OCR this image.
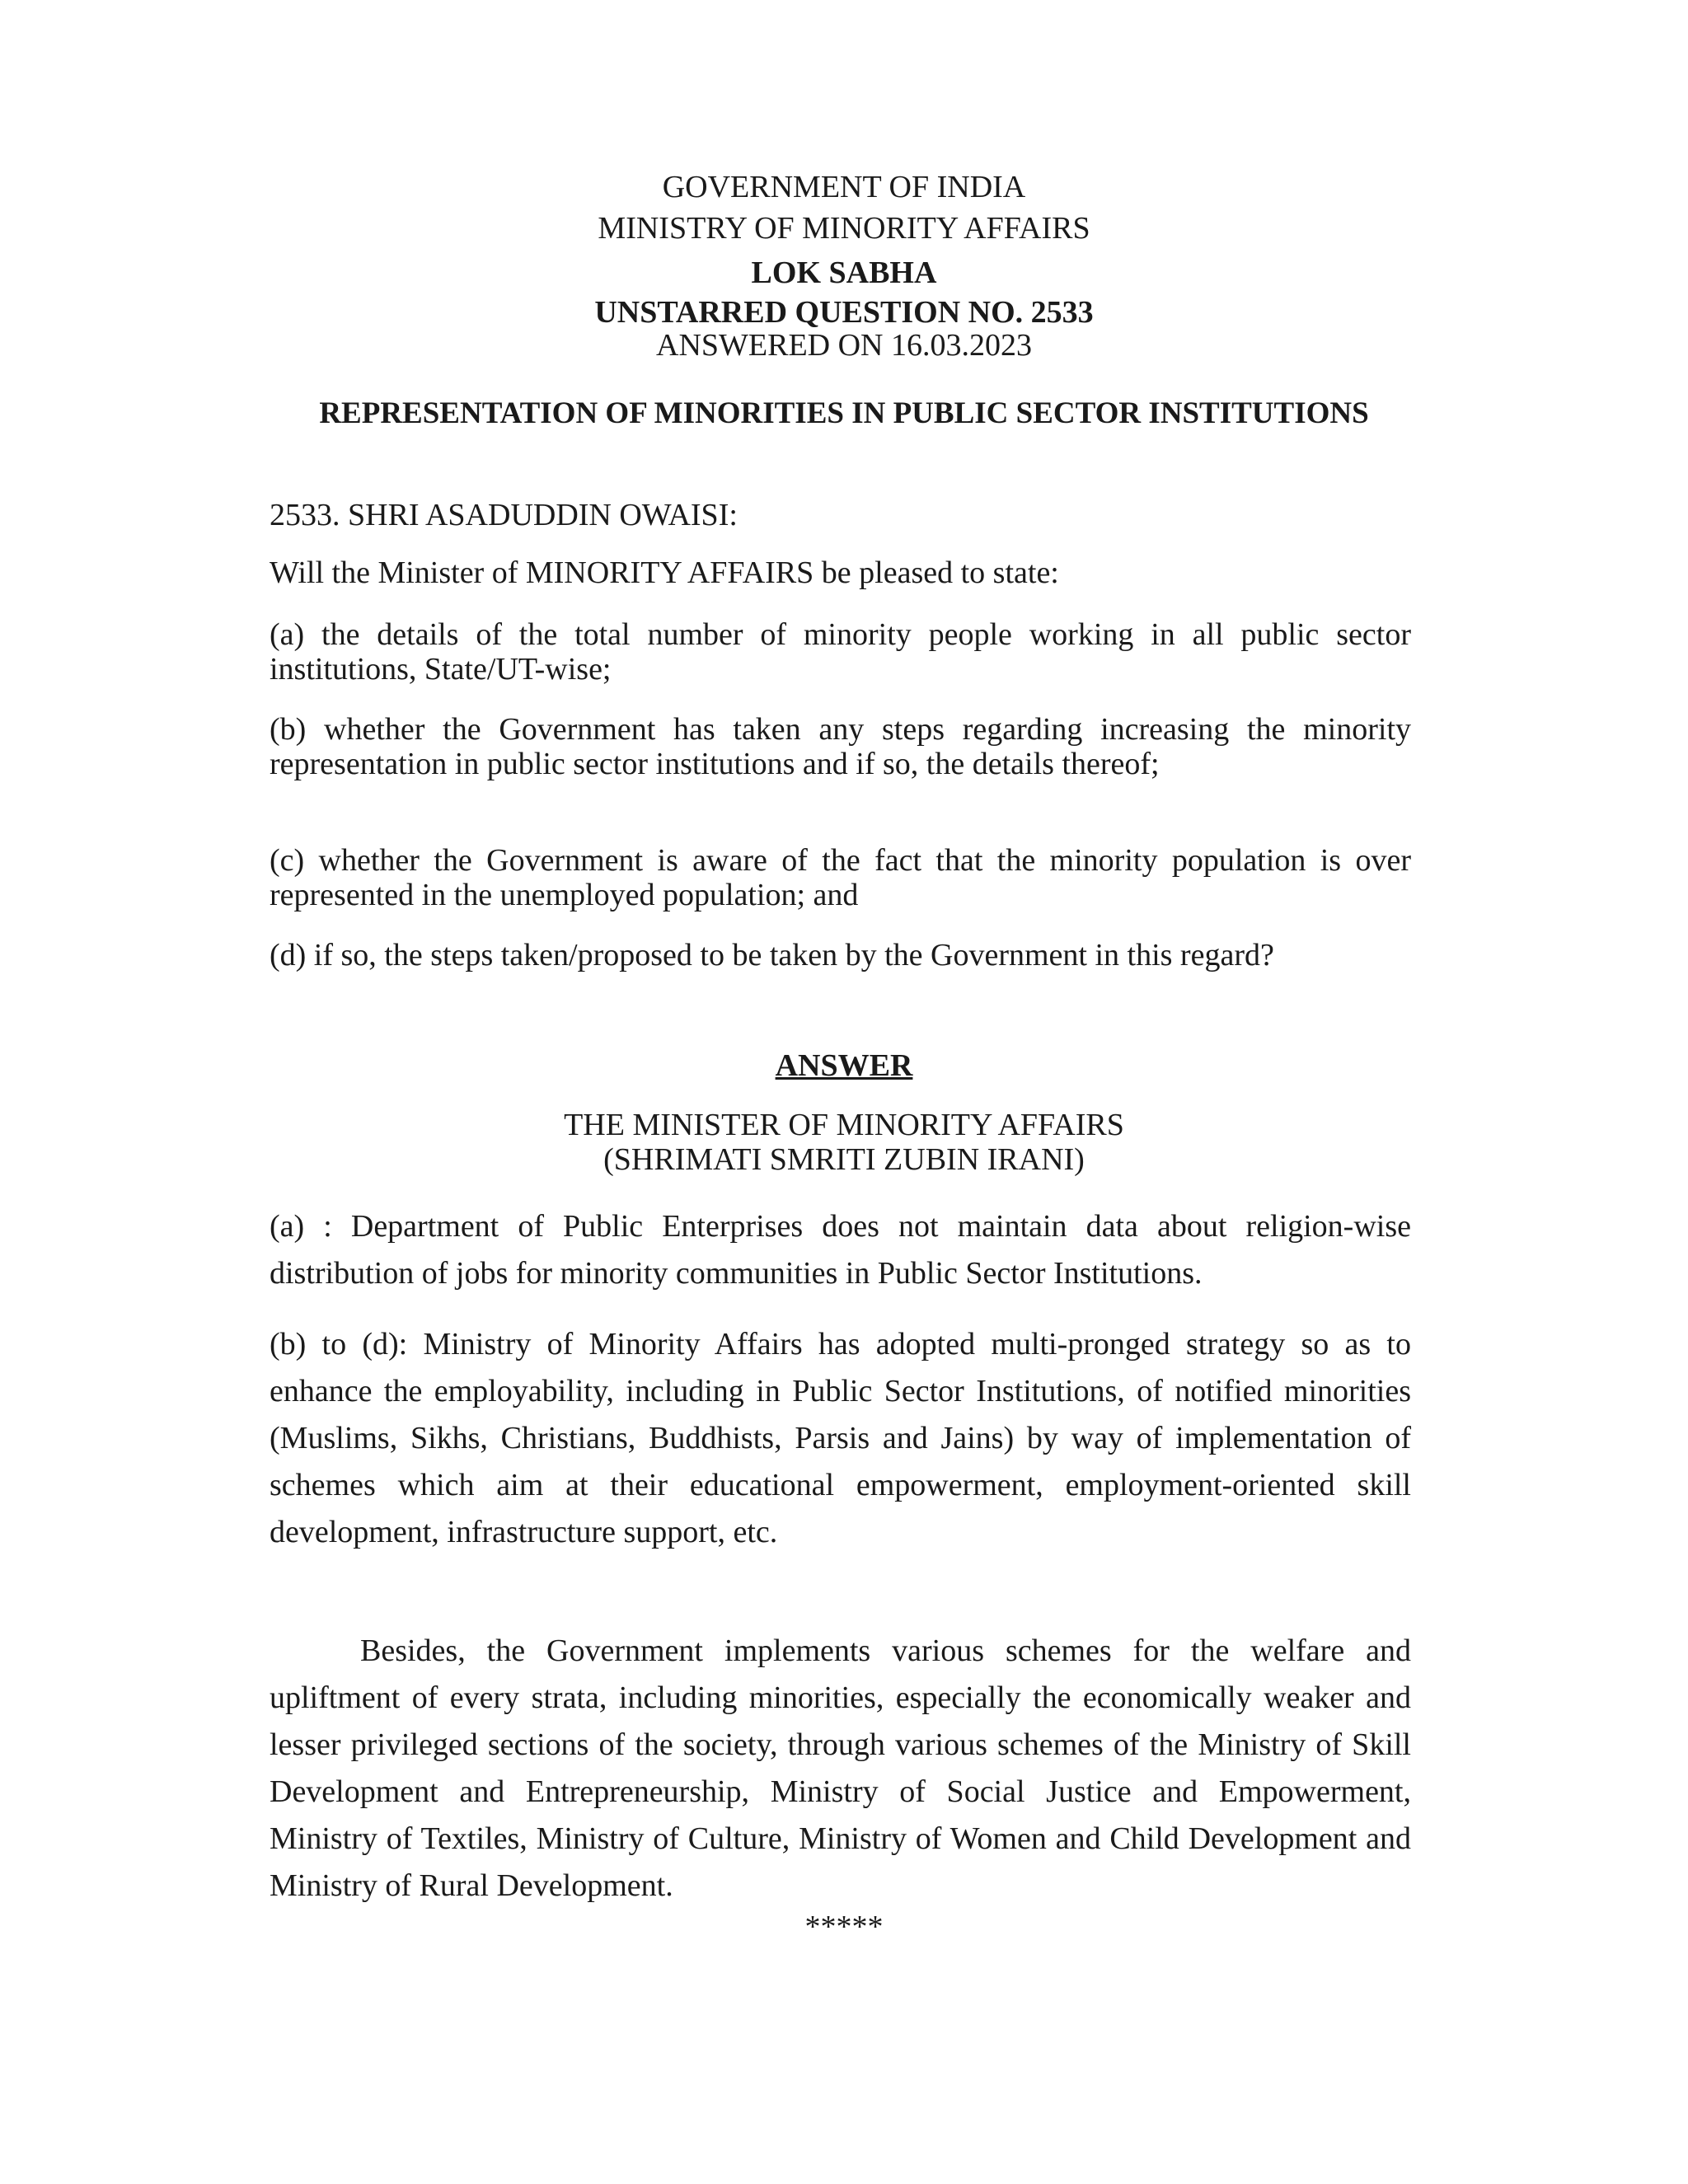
GOVERNMENT OF INDIA
MINISTRY OF MINORITY AFFAIRS
LOK SABHA
UNSTARRED QUESTION NO. 2533
ANSWERED ON 16.03.2023
REPRESENTATION OF MINORITIES IN PUBLIC SECTOR INSTITUTIONS
2533. SHRI ASADUDDIN OWAISI:
Will the Minister of MINORITY AFFAIRS be pleased to state:
(a) the details of the total number of minority people working in all public sector institutions, State/UT-wise;
(b) whether the Government has taken any steps regarding increasing the minority representation in public sector institutions and if so, the details thereof;
(c) whether the Government is aware of the fact that the minority population is over represented in the unemployed population; and
(d) if so, the steps taken/proposed to be taken by the Government in this regard?
ANSWER
THE MINISTER OF MINORITY AFFAIRS
(SHRIMATI SMRITI ZUBIN IRANI)
(a) : Department of Public Enterprises does not maintain data about religion-wise distribution of jobs for minority communities in Public Sector Institutions.
(b) to (d): Ministry of Minority Affairs has adopted multi-pronged strategy so as to enhance the employability, including in Public Sector Institutions, of notified minorities (Muslims, Sikhs, Christians, Buddhists, Parsis and Jains) by way of implementation of schemes which aim at their educational empowerment, employment-oriented skill development, infrastructure support, etc.
Besides, the Government implements various schemes for the welfare and upliftment of every strata, including minorities, especially the economically weaker and lesser privileged sections of the society, through various schemes of the Ministry of Skill Development and Entrepreneurship, Ministry of Social Justice and Empowerment, Ministry of Textiles, Ministry of Culture, Ministry of Women and Child Development and Ministry of Rural Development.
*****
